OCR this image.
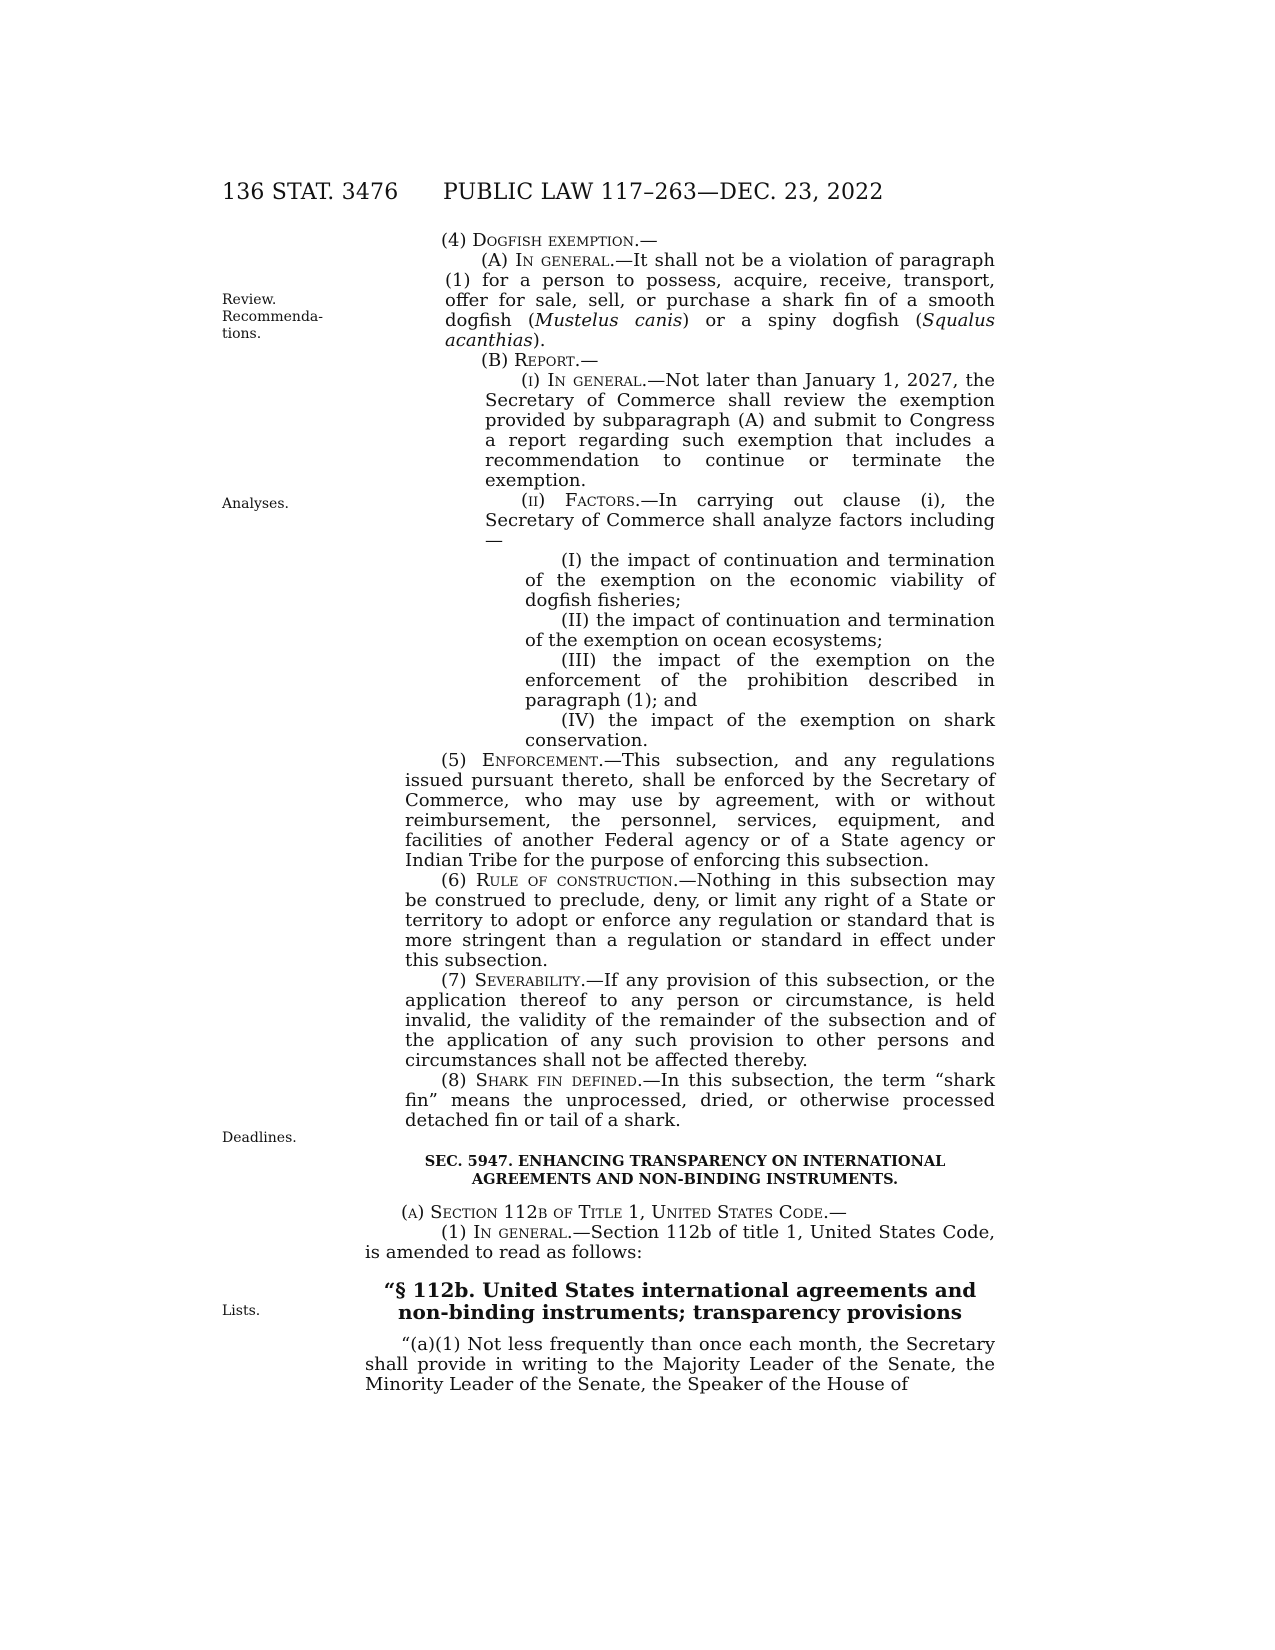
136 STAT. 3476 PUBLIC LAW 117–263—DEC. 23, 2022
Review.
Recommenda-
tions.
Analyses.
Deadlines.
Lists.

(4) Dogfish exemption.—

(A) In general.—It shall not be a violation of paragraph (1) for a person to possess, acquire, receive, transport, offer for sale, sell, or purchase a shark fin of a smooth dogfish (Mustelus canis) or a spiny dogfish (Squalus acanthias).

(B) Report.—

(i) In general.—Not later than January 1, 2027, the Secretary of Commerce shall review the exemption provided by subparagraph (A) and submit to Congress a report regarding such exemption that includes a recommendation to continue or terminate the exemption.

(ii) Factors.—In carrying out clause (i), the Secretary of Commerce shall analyze factors including—

(I) the impact of continuation and termination of the exemption on the economic viability of dogfish fisheries;

(II) the impact of continuation and termination of the exemption on ocean ecosystems;

(III) the impact of the exemption on the enforcement of the prohibition described in paragraph (1); and

(IV) the impact of the exemption on shark conservation.

(5) Enforcement.—This subsection, and any regulations issued pursuant thereto, shall be enforced by the Secretary of Commerce, who may use by agreement, with or without reimbursement, the personnel, services, equipment, and facilities of another Federal agency or of a State agency or Indian Tribe for the purpose of enforcing this subsection.

(6) Rule of construction.—Nothing in this subsection may be construed to preclude, deny, or limit any right of a State or territory to adopt or enforce any regulation or standard that is more stringent than a regulation or standard in effect under this subsection.

(7) Severability.—If any provision of this subsection, or the application thereof to any person or circumstance, is held invalid, the validity of the remainder of the subsection and of the application of any such provision to other persons and circumstances shall not be affected thereby.

(8) Shark fin defined.—In this subsection, the term “shark fin” means the unprocessed, dried, or otherwise processed detached fin or tail of a shark.

SEC. 5947. ENHANCING TRANSPARENCY ON INTERNATIONAL AGREEMENTS AND NON-BINDING INSTRUMENTS.

(a) Section 112b of Title 1, United States Code.—

(1) In general.—Section 112b of title 1, United States Code, is amended to read as follows:

“§ 112b. United States international agreements and non-binding instruments; transparency provisions

“(a)(1) Not less frequently than once each month, the Secretary shall provide in writing to the Majority Leader of the Senate, the Minority Leader of the Senate, the Speaker of the House of
